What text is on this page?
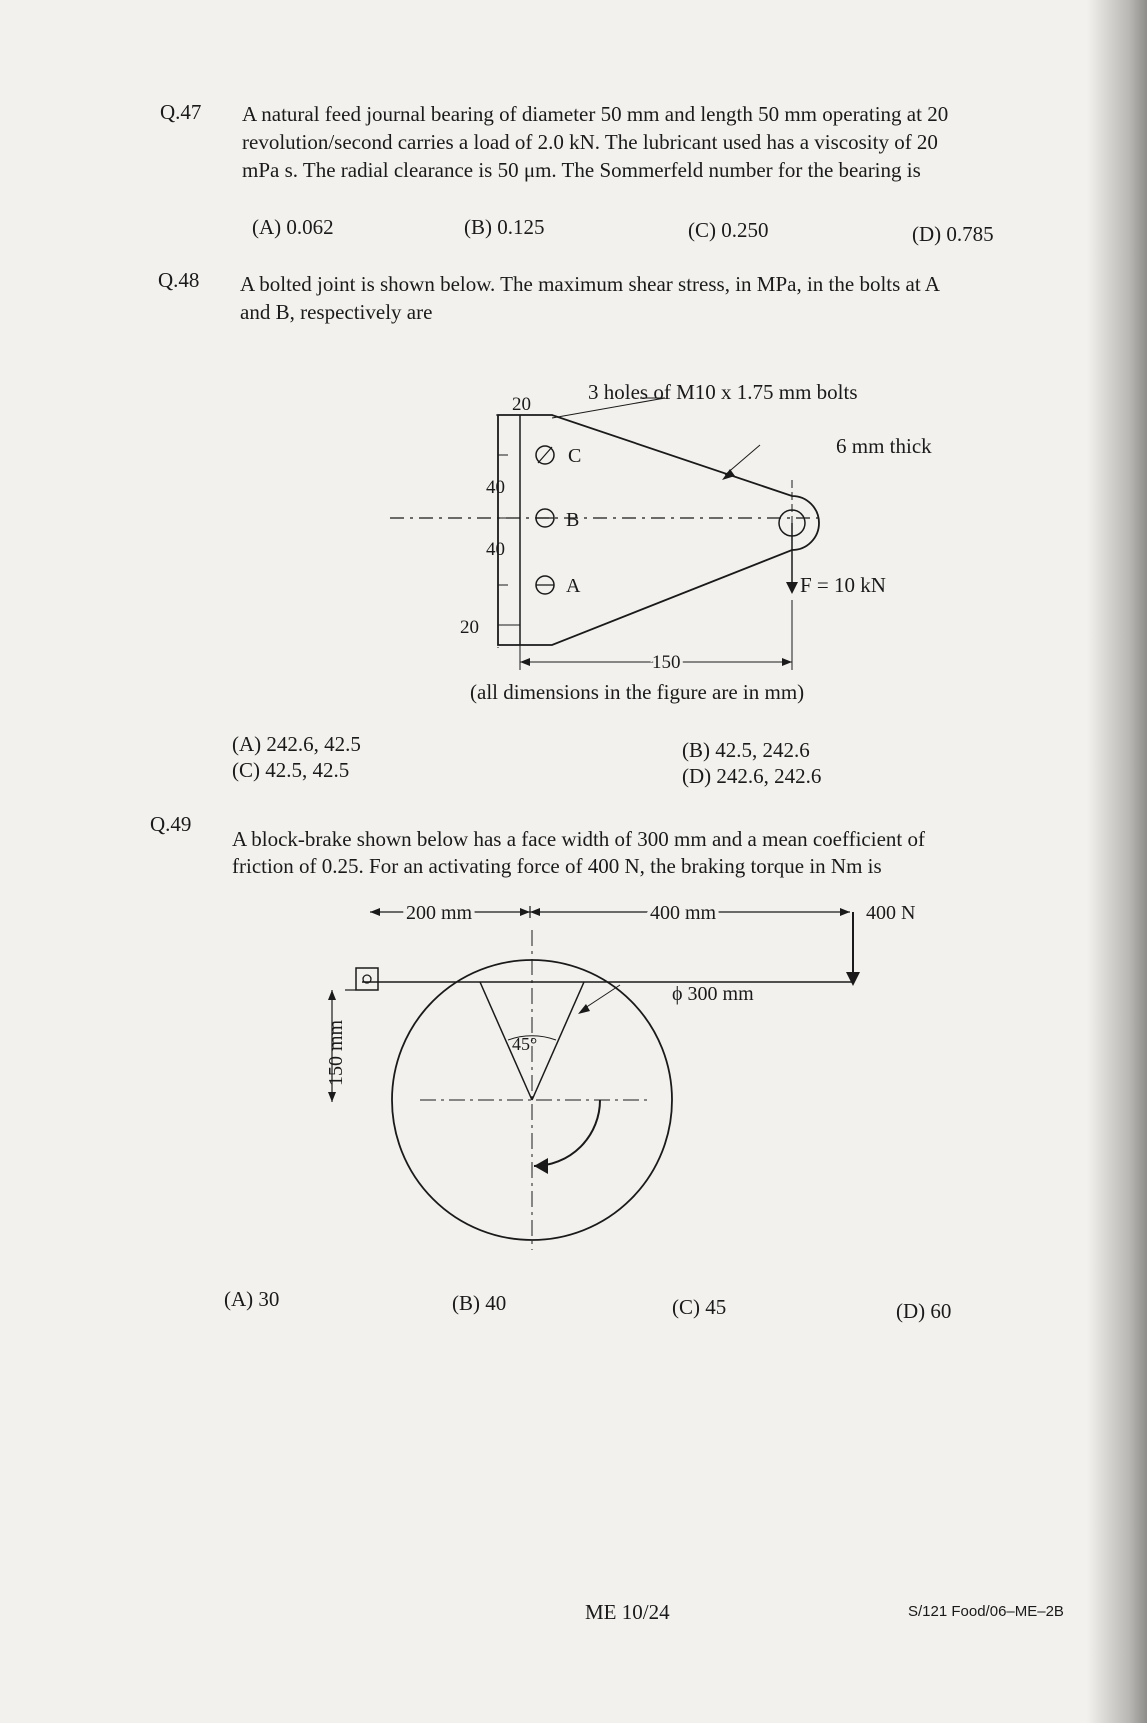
Q.47 A natural feed journal bearing of diameter 50 mm and length 50 mm operating at 20
revolution/second carries a load of 2.0 kN. The lubricant used has a viscosity of 20
mPa s. The radial clearance is 50 μm. The Sommerfeld number for the bearing is
(A) 0.062	(B) 0.125	(C) 0.250	(D) 0.785
Q.48 A bolted joint is shown below. The maximum shear stress, in MPa, in the bolts at A
and B, respectively are
C
B
A	F = 10 kN
20
40
40
20
150
3 holes of M10 x 1.75 mm bolts
6 mm thick
(all dimensions in the figure are in mm)
(A) 242.6, 42.5
(C) 42.5, 42.5
(B) 42.5, 242.6
(D) 242.6, 242.6
Q.49
A block-brake shown below has a face width of 300 mm and a mean coefficient of
friction of 0.25. For an activating force of 400 N, the braking torque in Nm is
200 mm	400 mm	400 N
150 mm	45°
ϕ 300 mm
(A) 30	(B) 40	(C) 45	(D) 60
ME 10/24	S/121 Food/06–ME–2B
